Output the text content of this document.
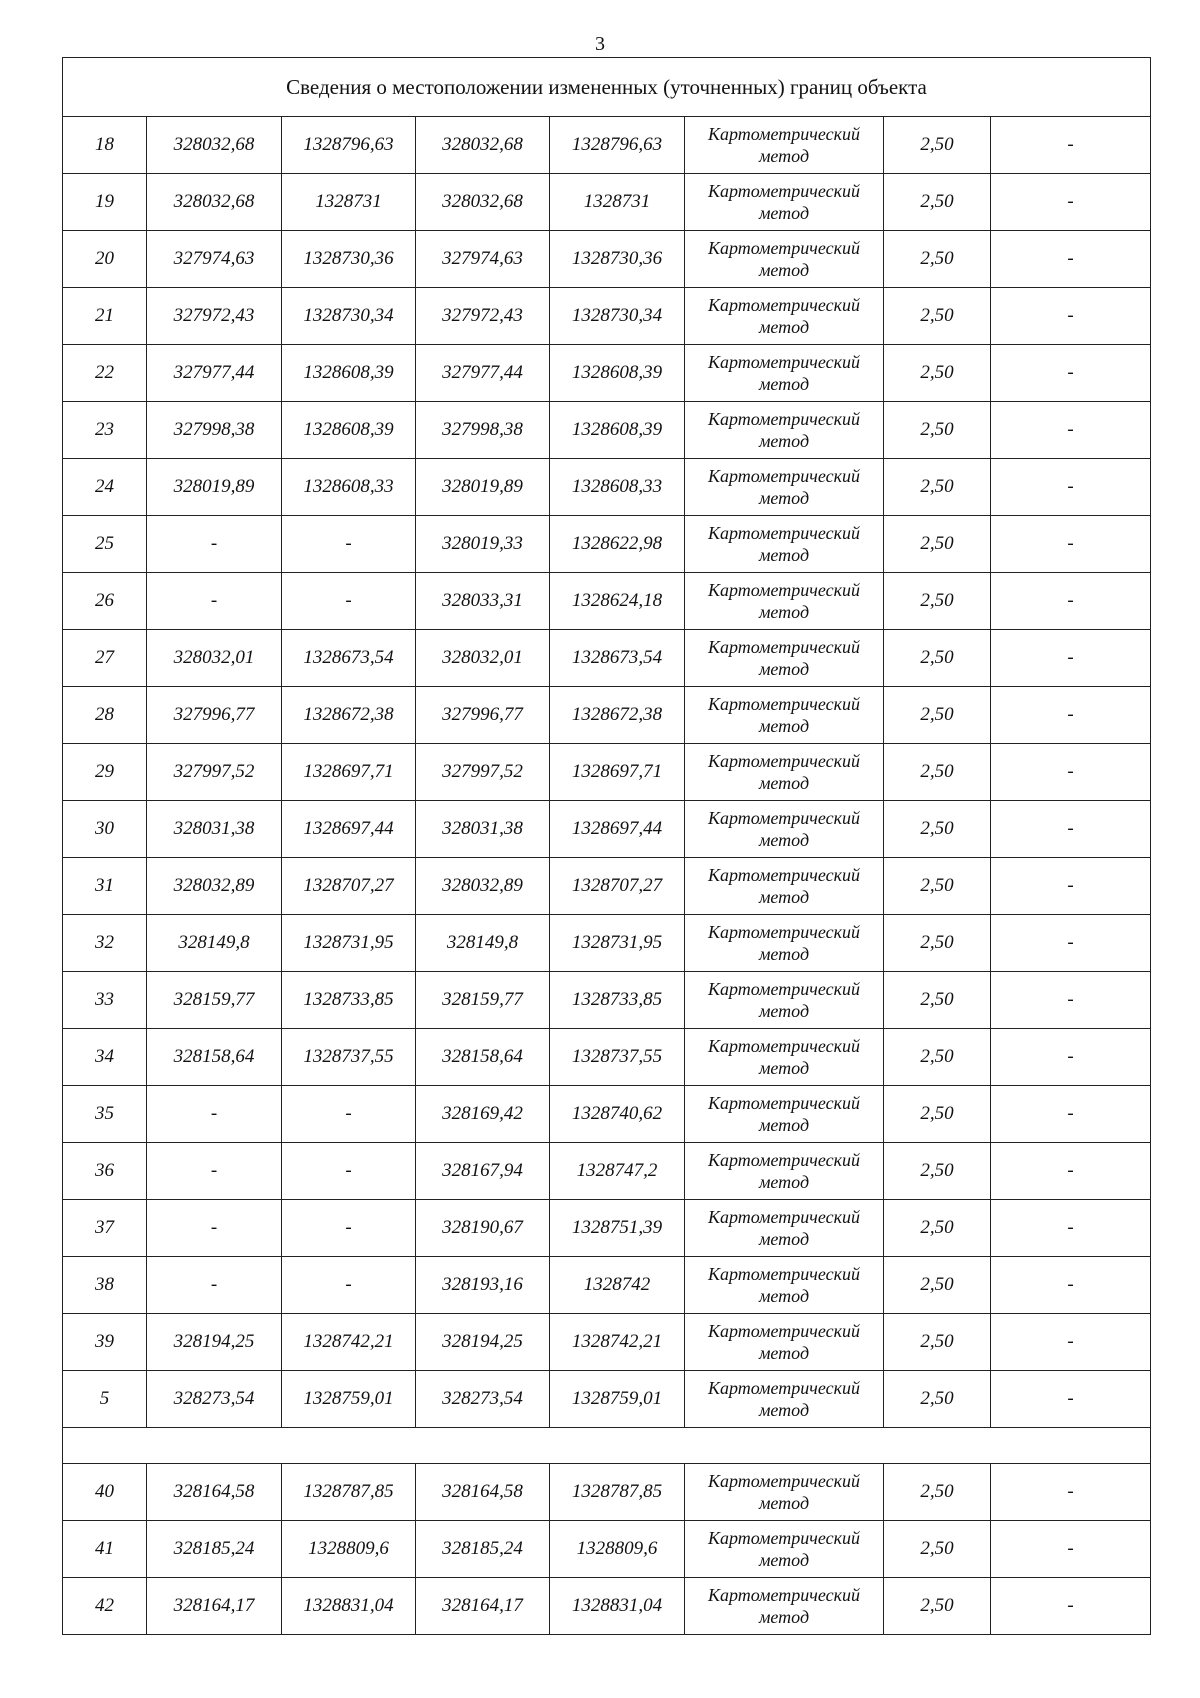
3
Сведения о местоположении измененных (уточненных) границ объекта							
18	328032,68	1328796,63	328032,68	1328796,63	Картометрический
метод	2,50	-
19	328032,68	1328731	328032,68	1328731	Картометрический
метод	2,50	-
20	327974,63	1328730,36	327974,63	1328730,36	Картометрический
метод	2,50	-
21	327972,43	1328730,34	327972,43	1328730,34	Картометрический
метод	2,50	-
22	327977,44	1328608,39	327977,44	1328608,39	Картометрический
метод	2,50	-
23	327998,38	1328608,39	327998,38	1328608,39	Картометрический
метод	2,50	-
24	328019,89	1328608,33	328019,89	1328608,33	Картометрический
метод	2,50	-
25	-	-	328019,33	1328622,98	Картометрический
метод	2,50	-
26	-	-	328033,31	1328624,18	Картометрический
метод	2,50	-
27	328032,01	1328673,54	328032,01	1328673,54	Картометрический
метод	2,50	-
28	327996,77	1328672,38	327996,77	1328672,38	Картометрический
метод	2,50	-
29	327997,52	1328697,71	327997,52	1328697,71	Картометрический
метод	2,50	-
30	328031,38	1328697,44	328031,38	1328697,44	Картометрический
метод	2,50	-
31	328032,89	1328707,27	328032,89	1328707,27	Картометрический
метод	2,50	-
32	328149,8	1328731,95	328149,8	1328731,95	Картометрический
метод	2,50	-
33	328159,77	1328733,85	328159,77	1328733,85	Картометрический
метод	2,50	-
34	328158,64	1328737,55	328158,64	1328737,55	Картометрический
метод	2,50	-
35	-	-	328169,42	1328740,62	Картометрический
метод	2,50	-
36	-	-	328167,94	1328747,2	Картометрический
метод	2,50	-
37	-	-	328190,67	1328751,39	Картометрический
метод	2,50	-
38	-	-	328193,16	1328742	Картометрический
метод	2,50	-
39	328194,25	1328742,21	328194,25	1328742,21	Картометрический
метод	2,50	-
5	328273,54	1328759,01	328273,54	1328759,01	Картометрический
метод	2,50	-

40	328164,58	1328787,85	328164,58	1328787,85	Картометрический
метод	2,50	-
41	328185,24	1328809,6	328185,24	1328809,6	Картометрический
метод	2,50	-
42	328164,17	1328831,04	328164,17	1328831,04	Картометрический
метод	2,50	-
